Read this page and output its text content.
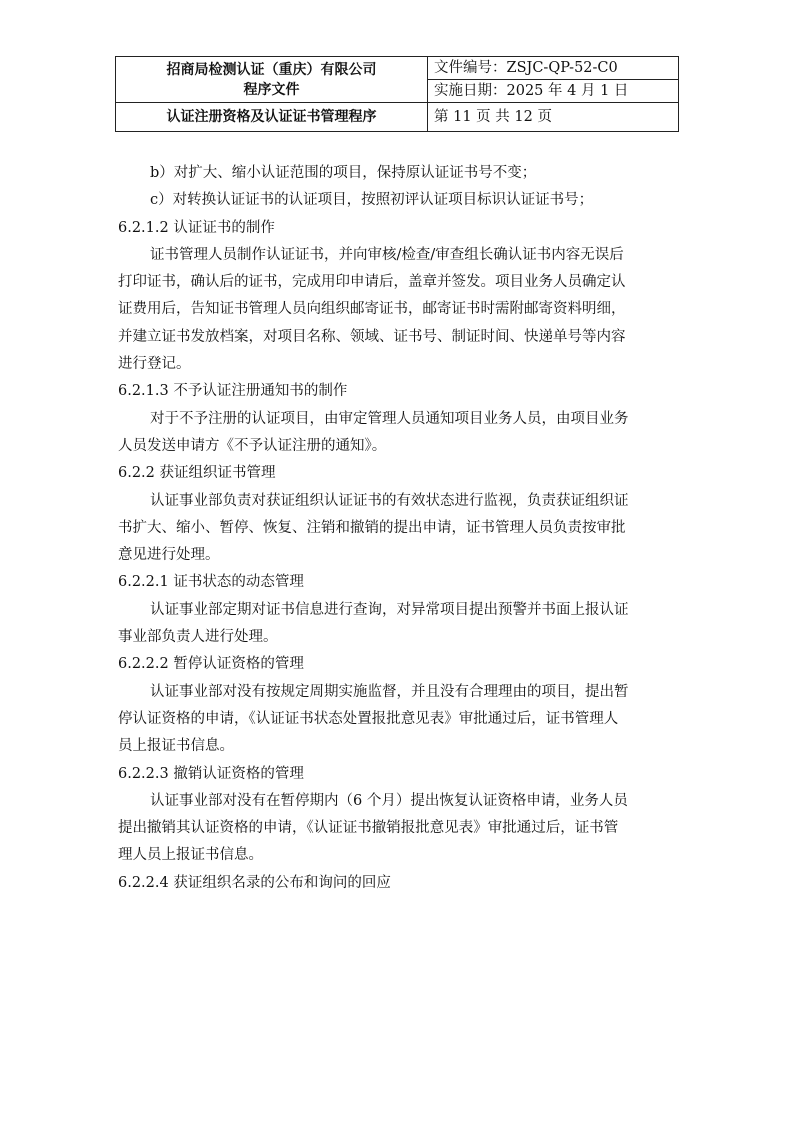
招商局检测认证（重庆）有限公司
程序文件	文件编号：ZSJC-QP-52-C0
	实施日期：2025 年 4 月 1 日
认证注册资格及认证证书管理程序	第 11 页 共 12 页
b）对扩大、缩小认证范围的项目，保持原认证证书号不变；
c）对转换认证证书的认证项目，按照初评认证项目标识认证证书号；
6.2.1.2 认证证书的制作
证书管理人员制作认证证书，并向审核/检查/审查组长确认证书内容无误后
打印证书，确认后的证书，完成用印申请后，盖章并签发。项目业务人员确定认
证费用后，告知证书管理人员向组织邮寄证书，邮寄证书时需附邮寄资料明细，
并建立证书发放档案，对项目名称、领域、证书号、制证时间、快递单号等内容
进行登记。
6.2.1.3 不予认证注册通知书的制作
对于不予注册的认证项目，由审定管理人员通知项目业务人员，由项目业务
人员发送申请方《不予认证注册的通知》。
6.2.2 获证组织证书管理
认证事业部负责对获证组织认证证书的有效状态进行监视，负责获证组织证
书扩大、缩小、暂停、恢复、注销和撤销的提出申请，证书管理人员负责按审批
意见进行处理。
6.2.2.1 证书状态的动态管理
认证事业部定期对证书信息进行查询，对异常项目提出预警并书面上报认证
事业部负责人进行处理。
6.2.2.2 暂停认证资格的管理
认证事业部对没有按规定周期实施监督，并且没有合理理由的项目，提出暂
停认证资格的申请，《认证证书状态处置报批意见表》审批通过后，证书管理人
员上报证书信息。
6.2.2.3 撤销认证资格的管理
认证事业部对没有在暂停期内（6 个月）提出恢复认证资格申请，业务人员
提出撤销其认证资格的申请，《认证证书撤销报批意见表》审批通过后，证书管
理人员上报证书信息。
6.2.2.4 获证组织名录的公布和询问的回应
